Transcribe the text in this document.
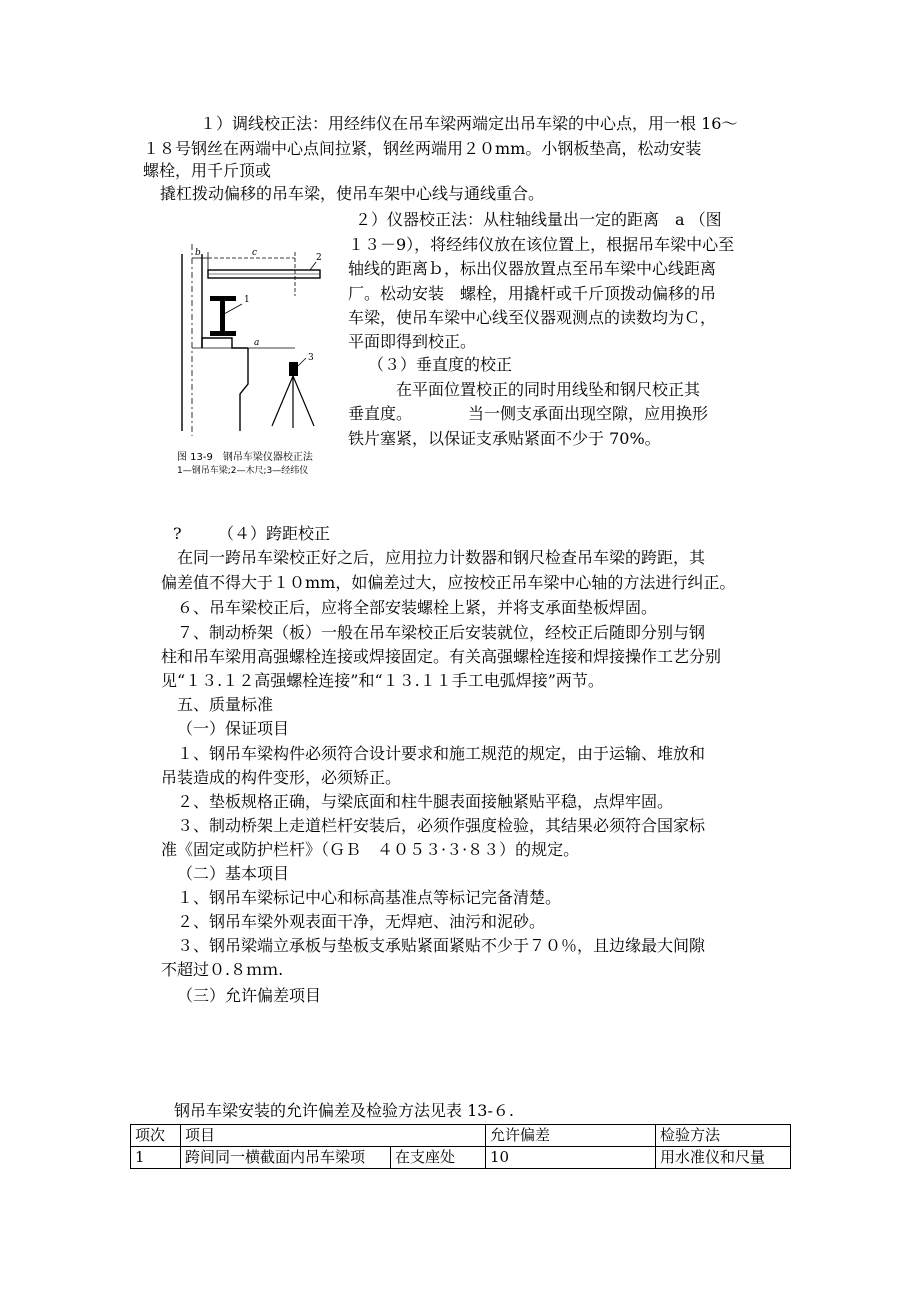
１）调线校正法：用经纬仪在吊车梁两端定出吊车梁的中心点，用一根 16～
１８号钢丝在两端中心点间拉紧，钢丝两端用２０mm。小钢板垫高，松动安装
螺栓，用千斤顶或
撬杠拨动偏移的吊车梁，使吊车架中心线与通线重合。
b	c	2
1
a
3
图 13-9　钢吊车梁仪器校正法
1—钢吊车梁;2—木尺;3—经纬仪
２）仪器校正法：从柱轴线量出一定的距离　a （图
１３－9），将经纬仪放在该位置上，根据吊车梁中心至
轴线的距离ｂ，标出仪器放置点至吊车梁中心线距离
厂。松动安装　螺栓，用撬杆或千斤顶拨动偏移的吊
车梁，使吊车梁中心线至仪器观测点的读数均为Ｃ，
平面即得到校正。
（３）垂直度的校正
在平面位置校正的同时用线坠和钢尺校正其
垂直度。　　　　当一侧支承面出现空隙，应用换形
铁片塞紧，以保证支承贴紧面不少于 70%。
? （４）跨距校正
在同一跨吊车梁校正好之后，应用拉力计数器和钢尺检查吊车梁的跨距，其
偏差值不得大于１０mm，如偏差过大，应按校正吊车梁中心轴的方法进行纠正。
６、吊车梁校正后，应将全部安装螺栓上紧，并将支承面垫板焊固。
７、制动桥架（板）一般在吊车梁校正后安装就位，经校正后随即分别与钢
柱和吊车梁用高强螺栓连接或焊接固定。有关高强螺栓连接和焊接操作工艺分别
见“１３.１２高强螺栓连接”和“１３.１１手工电弧焊接”两节。
五、质量标准
（一）保证项目
１、钢吊车梁构件必须符合设计要求和施工规范的规定，由于运输、堆放和
吊装造成的构件变形，必须矫正。
２、垫板规格正确，与梁底面和柱牛腿表面接触紧贴平稳，点焊牢固。
３、制动桥架上走道栏杆安装后，必须作强度检验，其结果必须符合国家标
准《固定或防护栏杆》（ＧＢ　４０５３·３·８３）的规定。
（二）基本项目
１、钢吊车梁标记中心和标高基准点等标记完备清楚。
２、钢吊车梁外观表面干净，无焊疤、油污和泥砂。
３、钢吊梁端立承板与垫板支承贴紧面紧贴不少于７０％，且边缘最大间隙
不超过０.８ｍｍ.
（三）允许偏差项目
钢吊车梁安装的允许偏差及检验方法见表 13-６.
项次	项目		允许偏差	检验方法
1	跨间同一横截面内吊车梁项	在支座处	10	用水准仪和尺量
